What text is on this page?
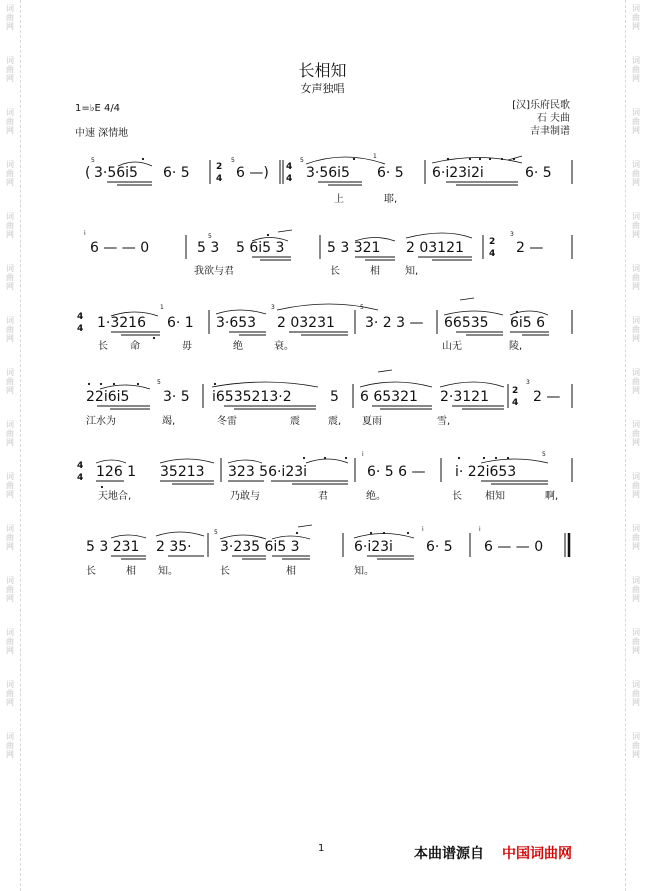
词
曲
网
词
曲
网
词
曲
网
词
曲
网
词
曲
网
词
曲
网
词
曲
网
词
曲
网
词
曲
网
词
曲
网
词
曲
网
词
曲
网
词
曲
网
词
曲
网
词
曲
网
词
曲
网
词
曲
网
词
曲
网
词
曲
网
词
曲
网
词
曲
网
词
曲
网
词
曲
网
词
曲
网
词
曲
网
词
曲
网
词
曲
网
词
曲
网
词
曲
网
词
曲
网
长相知
女声独唱
1=♭E 4/4
中速 深情地
[汉]乐府民歌
石 夫曲
吉聿制谱
(
5
3·56i5 6· 5	2
4
5
6 —) 4
4
5
3·56i5
1
6· 5 6·i23i2i	6· 5
上	耶,
i
6 — — 0
5
5 3 5 6i5 3	5 3 321 2 03121	2
4
3
2 —
我欲与君	长	相	知,
4
4 1·3216
1
6· 1 3·653
3
2 03231
5
3· 2 3 — 66535 6i5 6
长 命	毋	绝	衰。	山无	陵,
22i6i5
5
3· 5 i6535213·2	5 6 65321 2·3121	2
4
3
2 —
江水为	竭,	冬雷	震	震, 夏雨	雪,
4
4 126 1 35213 323 56·i23i
i
6· 5 6 — i· 22i653
5
天地合,	乃敢与	君	绝。	长 相知	啊,
5 3 231 2 35·
5
3·235 6i5 3	6·i23i
i
6· 5
i
6 — — 0
长	相 知。	长	相	知。
1	本曲谱源自 中国词曲网
